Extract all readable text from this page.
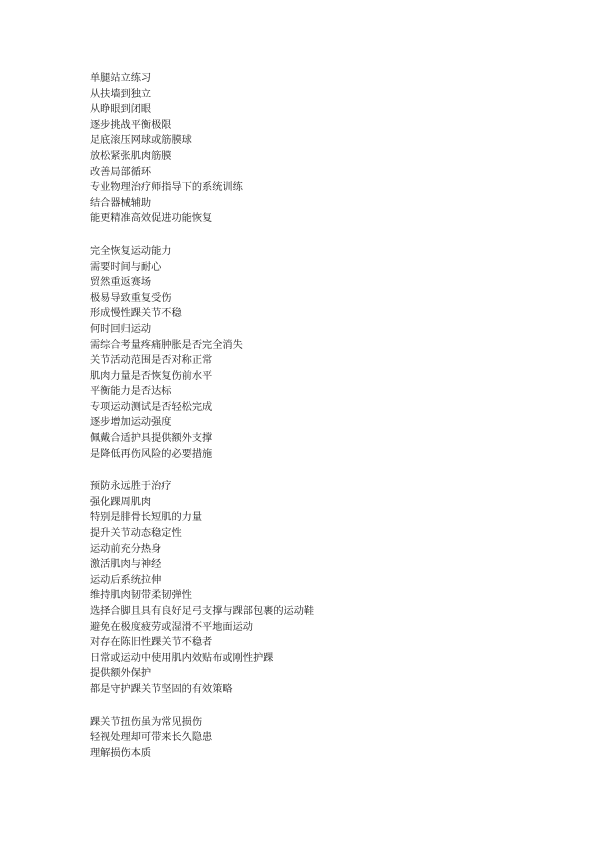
单腿站立练习
从扶墙到独立
从睁眼到闭眼
逐步挑战平衡极限
足底滚压网球或筋膜球
放松紧张肌肉筋膜
改善局部循环
专业物理治疗师指导下的系统训练
结合器械辅助
能更精准高效促进功能恢复
完全恢复运动能力
需要时间与耐心
贸然重返赛场
极易导致重复受伤
形成慢性踝关节不稳
何时回归运动
需综合考量疼痛肿胀是否完全消失
关节活动范围是否对称正常
肌肉力量是否恢复伤前水平
平衡能力是否达标
专项运动测试是否轻松完成
逐步增加运动强度
佩戴合适护具提供额外支撑
是降低再伤风险的必要措施
预防永远胜于治疗
强化踝周肌肉
特别是腓骨长短肌的力量
提升关节动态稳定性
运动前充分热身
激活肌肉与神经
运动后系统拉伸
维持肌肉韧带柔韧弹性
选择合脚且具有良好足弓支撑与踝部包裹的运动鞋
避免在极度疲劳或湿滑不平地面运动
对存在陈旧性踝关节不稳者
日常或运动中使用肌内效贴布或刚性护踝
提供额外保护
都是守护踝关节坚固的有效策略
踝关节扭伤虽为常见损伤
轻视处理却可带来长久隐患
理解损伤本质
